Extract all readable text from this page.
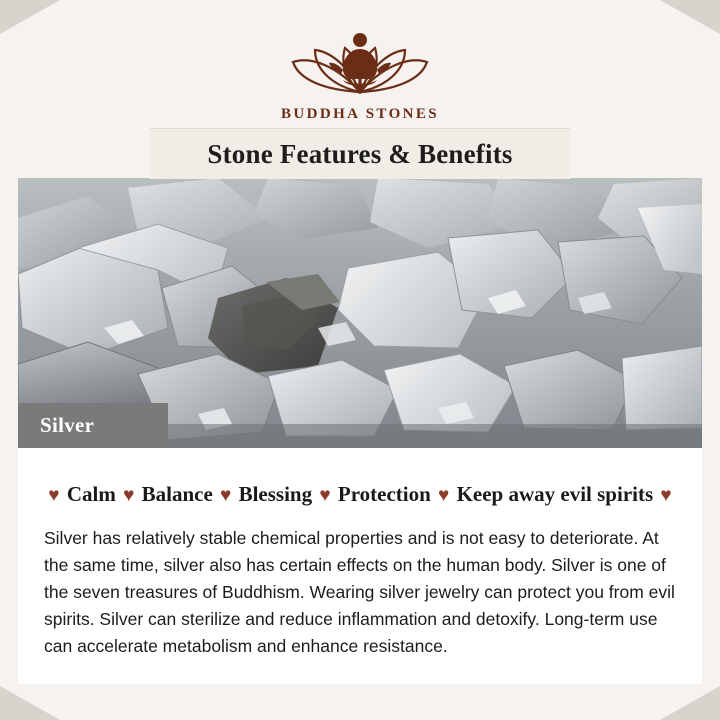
BUDDHA STONES
Stone Features & Benefits
Silver
♥ Calm ♥ Balance ♥ Blessing ♥ Protection ♥ Keep away evil spirits ♥

Silver has relatively stable chemical properties and is not easy to deteriorate. At the same time, silver also has certain effects on the human body. Silver is one of the seven treasures of Buddhism. Wearing silver jewelry can protect you from evil spirits. Silver can sterilize and reduce inflammation and detoxify. Long-term use can accelerate metabolism and enhance resistance.
